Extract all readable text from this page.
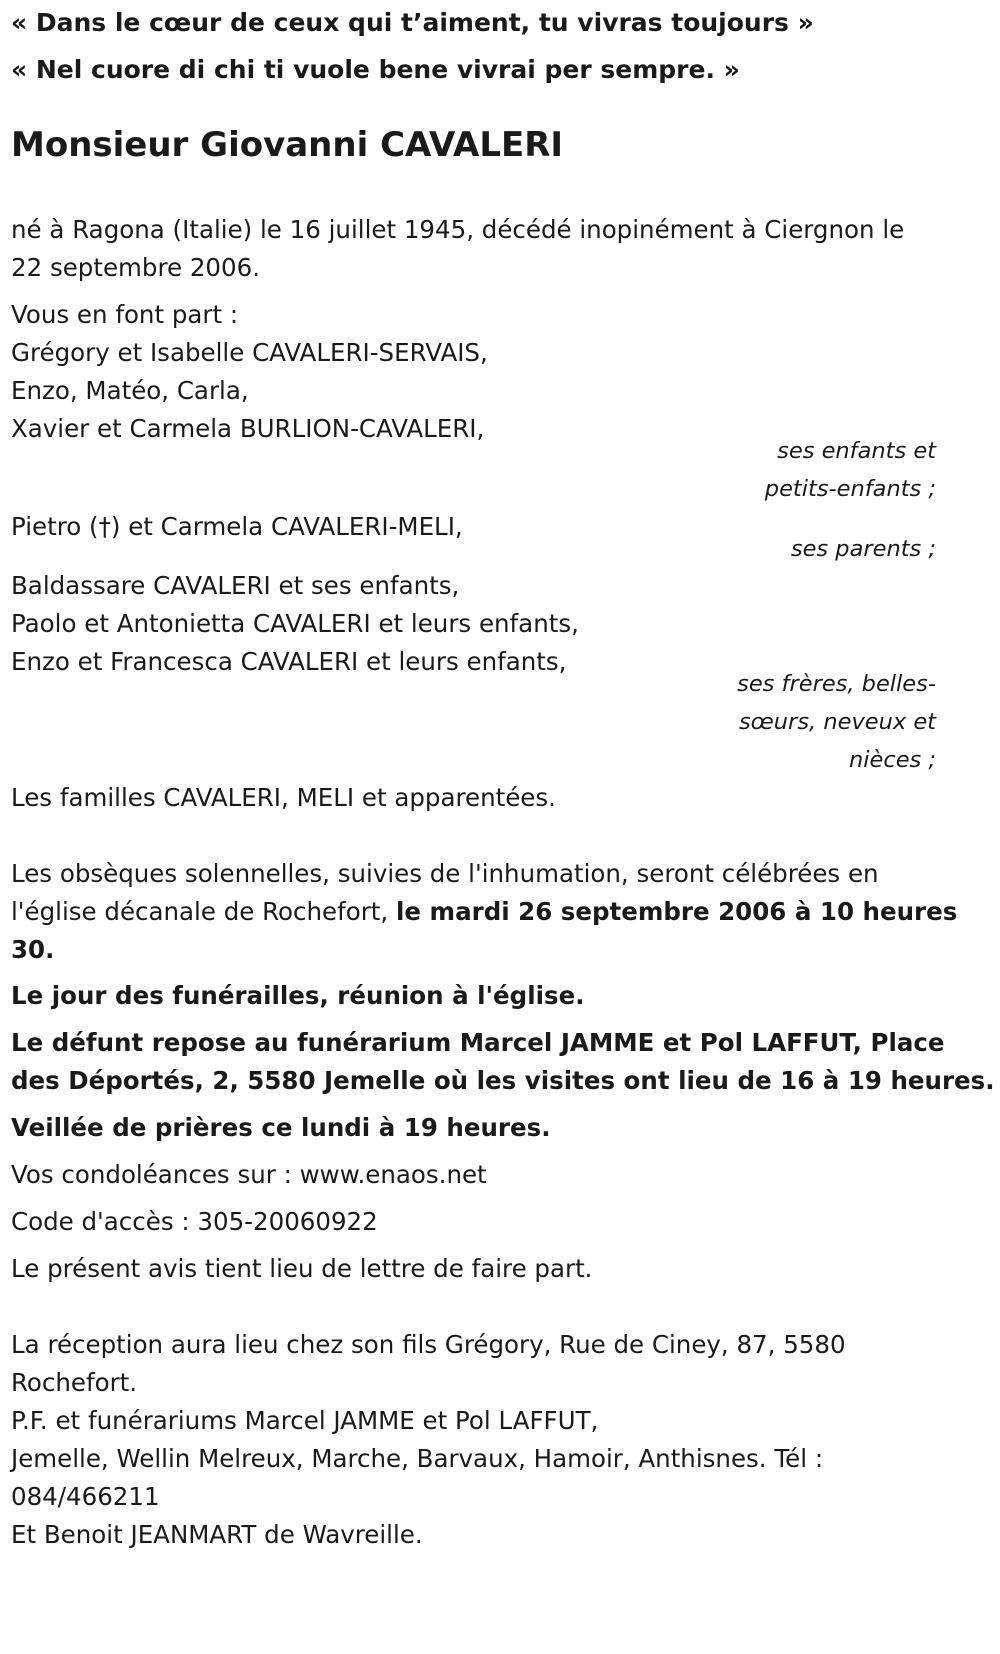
« Dans le cœur de ceux qui t’aiment, tu vivras toujours »
« Nel cuore di chi ti vuole bene vivrai per sempre. »
Monsieur Giovanni CAVALERI
né à Ragona (Italie) le 16 juillet 1945, décédé inopinément à Ciergnon le
22 septembre 2006.
Vous en font part :
Grégory et Isabelle CAVALERI-SERVAIS,
Enzo, Matéo, Carla,
Xavier et Carmela BURLION-CAVALERI,
ses enfants et
petits-enfants ;
Pietro (†) et Carmela CAVALERI-MELI,
ses parents ;
Baldassare CAVALERI et ses enfants,
Paolo et Antonietta CAVALERI et leurs enfants,
Enzo et Francesca CAVALERI et leurs enfants,
ses frères, belles-
sœurs, neveux et
nièces ;
Les familles CAVALERI, MELI et apparentées.
Les obsèques solennelles, suivies de l'inhumation, seront célébrées en
l'église décanale de Rochefort, le mardi 26 septembre 2006 à 10 heures
30.
Le jour des funérailles, réunion à l'église.
Le défunt repose au funérarium Marcel JAMME et Pol LAFFUT, Place
des Déportés, 2, 5580 Jemelle où les visites ont lieu de 16 à 19 heures.
Veillée de prières ce lundi à 19 heures.
Vos condoléances sur : www.enaos.net
Code d'accès : 305-20060922
Le présent avis tient lieu de lettre de faire part.
La réception aura lieu chez son fils Grégory, Rue de Ciney, 87, 5580
Rochefort.
P.F. et funérariums Marcel JAMME et Pol LAFFUT,
Jemelle, Wellin Melreux, Marche, Barvaux, Hamoir, Anthisnes. Tél :
084/466211
Et Benoit JEANMART de Wavreille.
